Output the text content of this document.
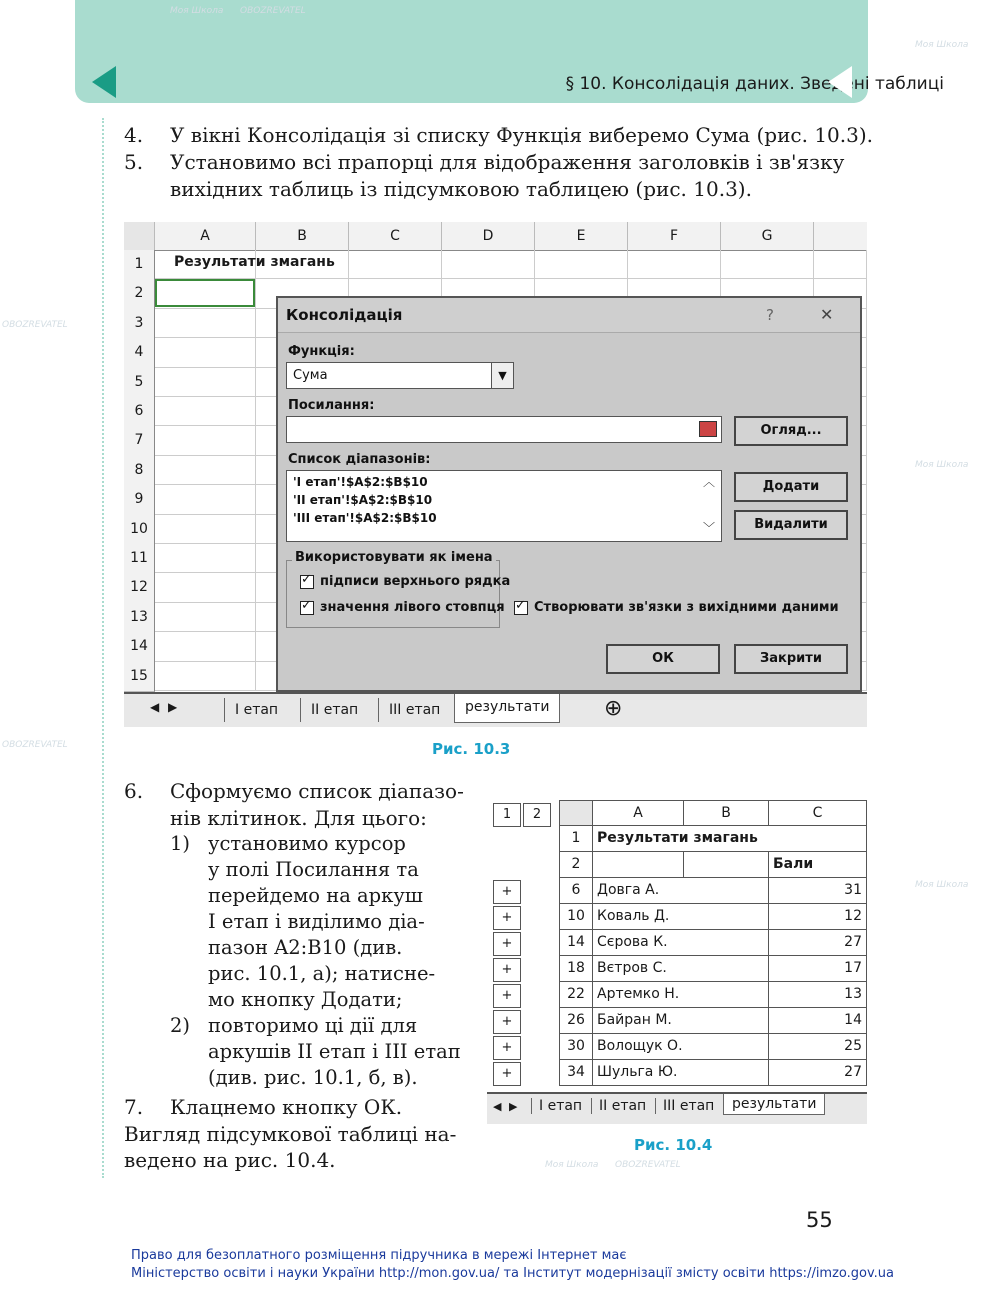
§ 10. Консолідація даних. Зведені таблиці
Моя Школа OBOZREVATEL
Моя Школа
Моя Школа
Моя Школа
OBOZREVATEL
OBOZREVATEL
Моя Школа OBOZREVATEL
4. У вікні Консолідація зі списку Функція виберемо Сума (рис. 10.3).
5. Установимо всі прапорці для відображення заголовків і зв'язку
вихідних таблиць із підсумковою таблицею (рис. 10.3).
A	B	C	D	E	F	G
1
2
3
4
5
6
7
8
9
10
11
12
13
14
15
Результати змагань
◀ ▶	І етап	ІІ етап	ІІІ етап	результати	⊕
Консолідація	?	✕
Функція:
Сума	▼
Посилання:
Огляд...
Список діапазонів:
'І етап'!$A$2:$B$10
'ІІ етап'!$A$2:$B$10
'ІІІ етап'!$A$2:$B$10
︿
﹀
Додати
Видалити
Використовувати як імена
✓підписи верхнього рядка
✓значення лівого стовпця
✓	Створювати зв'язки з вихідними даними
ОК	Закрити
Рис. 10.3
6. Сформуємо список діапазо-
нів клітинок. Для цього:
1) установимо курсор
у полі Посилання та
перейдемо на аркуш
І етап і виділимо діа-
пазон A2:B10 (див.
рис. 10.1, а); натисне-
мо кнопку Додати;
2) повторимо ці дії для
аркушів ІІ етап і ІІІ етап
(див. рис. 10.1, б, в).
7. Клацнемо кнопку ОК.
Вигляд підсумкової таблиці на-
ведено на рис. 10.4.
1	2	A	B	C
1	Результати змагань
2	Бали
+	6	Довга А.	31
+	10 Коваль Д.	12
+	14 Сєрова К.	27
+	18 Вєтров С.	17
+	22 Артемко Н.	13
+	26 Байран М.	14
+	30 Волощук О.	25
+	34 Шульга Ю.	27
◀ ▶	І етап	ІІ етап	ІІІ етап	результати
Рис. 10.4
55
Право для безоплатного розміщення підручника в мережі Інтернет має
Міністерство освіти і науки України http://mon.gov.ua/ та Інститут модернізації змісту освіти https://imzo.gov.ua
